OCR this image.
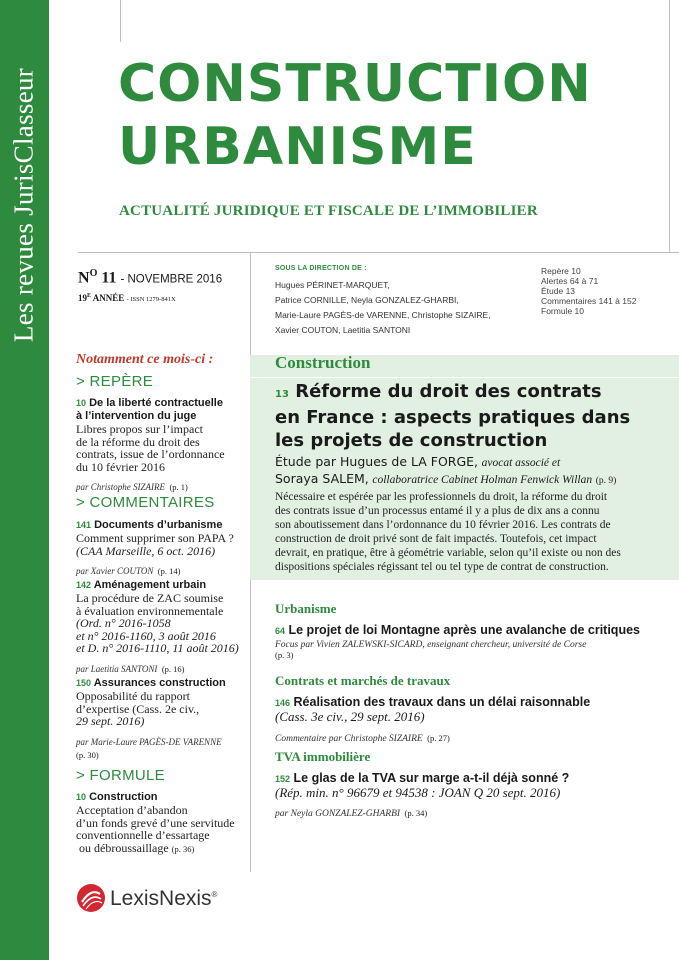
Les revues JurisClasseur CONSTRUCTION
URBANISME
ACTUALITÉ JURIDIQUE ET FISCALE DE L’IMMOBILIER
$N^O$ 11 - NOVEMBRE 2016
$19^E$ ANNÉE - ISSN 1279-841X
SOUS LA DIRECTION DE :
Hugues PÉRINET-MARQUET,
Patrice CORNILLE, Neyla GONZALEZ-GHARBI,
Marie-Laure PAGÈS-de VARENNE, Christophe SIZAIRE,
Xavier COUTON, Laetitia SANTONI
Repère 10
Alertes 64 à 71
Étude 13
Commentaires 141 à 152
Formule 10
Notamment ce mois-ci :
> REPÈRE
10 De la liberté contractuelle
à l’intervention du juge
Libres propos sur l’impact
de la réforme du droit des
contrats, issue de l’ordonnance
du 10 février 2016
par Christophe SIZAIRE (p. 1)
> COMMENTAIRES
141 Documents d’urbanisme
Comment supprimer son PAPA ?
(CAA Marseille, 6 oct. 2016)
par Xavier COUTON (p. 14)
142 Aménagement urbain
La procédure de ZAC soumise
à évaluation environnementale
(Ord. n° 2016-1058
et n° 2016-1160, 3 août 2016
et D. n° 2016-1110, 11 août 2016)
par Laetitia SANTONI (p. 16)
150 Assurances construction
Opposabilité du rapport
d’expertise (Cass. 2e civ.,
29 sept. 2016)
par Marie-Laure PAGÈS-DE VARENNE
(p. 30)
> FORMULE
10 Construction
Acceptation d’abandon
d’un fonds grevé d’une servitude
conventionnelle d’essartage
ou débroussaillage (p. 36)
Construction
13 Réforme du droit des contrats
en France : aspects pratiques dans
les projets de construction
Étude par Hugues de LA FORGE, avocat associé et
Soraya SALEM, collaboratrice Cabinet Holman Fenwick Willan (p. 9)
Nécessaire et espérée par les professionnels du droit, la réforme du droit
des contrats issue d’un processus entamé il y a plus de dix ans a connu
son aboutissement dans l’ordonnance du 10 février 2016. Les contrats de
construction de droit privé sont de fait impactés. Toutefois, cet impact
devrait, en pratique, être à géométrie variable, selon qu’il existe ou non des
dispositions spéciales régissant tel ou tel type de contrat de construction.
Urbanisme
64 Le projet de loi Montagne après une avalanche de critiques
Focus par Vivien ZALEWSKI-SICARD, enseignant chercheur, université de Corse
(p. 3)
Contrats et marchés de travaux
146 Réalisation des travaux dans un délai raisonnable
(Cass. 3e civ., 29 sept. 2016)
Commentaire par Christophe SIZAIRE (p. 27)
TVA immobilière
152 Le glas de la TVA sur marge a-t-il déjà sonné ?
(Rép. min. n° 96679 et 94538 : JOAN Q 20 sept. 2016)
par Neyla GONZALEZ-GHARBI (p. 34)
LexisNexis®
